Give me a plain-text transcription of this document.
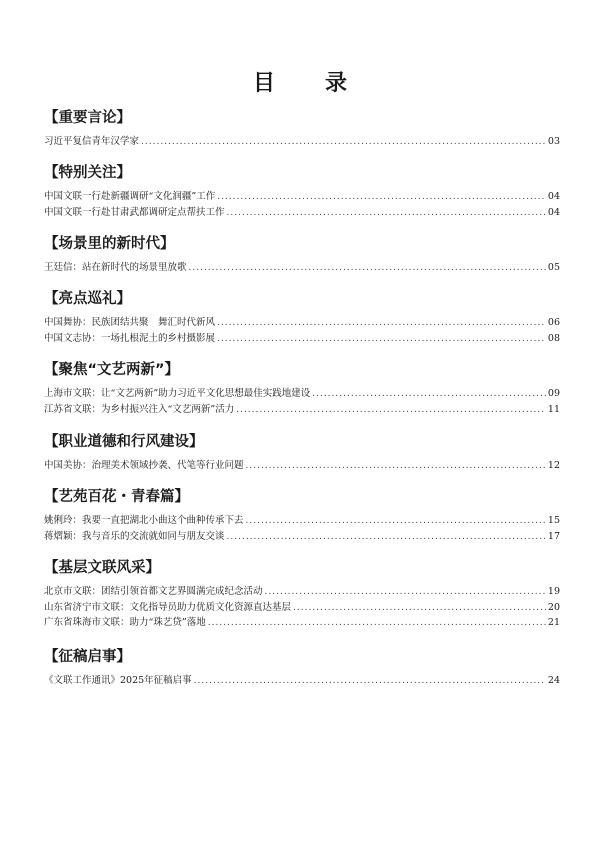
目　录
【重要言论】
习近平复信青年汉学家 .....	03
【特别关注】
中国文联一行赴新疆调研“文化润疆”工作 .....	04
中国文联一行赴甘肃武都调研定点帮扶工作 .....	04
【场景里的新时代】
王廷信：站在新时代的场景里放歌 .....	05
【亮点巡礼】
中国舞协：民族团结共聚　舞汇时代新风 .....	06
中国文志协：一场扎根泥土的乡村摄影展 .....	08
【聚焦“文艺两新”】
上海市文联：让“文艺两新”助力习近平文化思想最佳实践地建设 .....	09
江苏省文联：为乡村振兴注入“文艺两新”活力 .....	11
【职业道德和行风建设】
中国美协：治理美术领域抄袭、代笔等行业问题 .....	12
【艺苑百花・青春篇】
姚俐玲：我要一直把湖北小曲这个曲种传承下去 .....	15
蒋熠颖：我与音乐的交流就如同与朋友交谈 .....	17
【基层文联风采】
北京市文联：团结引领首都文艺界圆满完成纪念活动 .....	19
山东省济宁市文联：文化指导员助力优质文化资源直达基层 .....	20
广东省珠海市文联：助力“珠艺贷”落地 .....	21
【征稿启事】
《文联工作通讯》2025年征稿启事 .....	24
